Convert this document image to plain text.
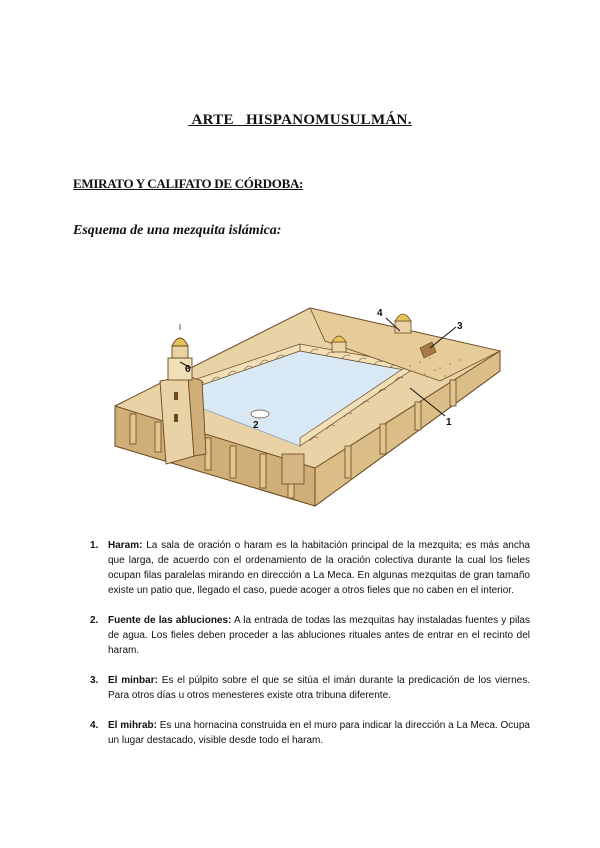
ARTE   HISPANOMUSULMÁN.
EMIRATO Y CALIFATO DE CÓRDOBA:
Esquema de una mezquita islámica:
1
2
3
4
6
1. Haram: La sala de oración o haram es la habitación principal de la mezquita; es más ancha que larga, de acuerdo con el ordenamiento de la oración colectiva durante la cual los fieles ocupan filas paralelas mirando en dirección a La Meca. En algunas mezquitas de gran tamaño existe un patio que, llegado el caso, puede acoger a otros fieles que no caben en el interior.
2. Fuente de las abluciones: A la entrada de todas las mezquitas hay instaladas fuentes y pilas de agua. Los fieles deben proceder a las abluciones rituales antes de entrar en el recinto del haram.
3. El minbar: Es el púlpito sobre el que se sitúa el imán durante la predicación de los viernes. Para otros días u otros menesteres existe otra tribuna diferente.
4. El mihrab: Es una hornacina construida en el muro para indicar la dirección a La Meca. Ocupa un lugar destacado, visible desde todo el haram.
